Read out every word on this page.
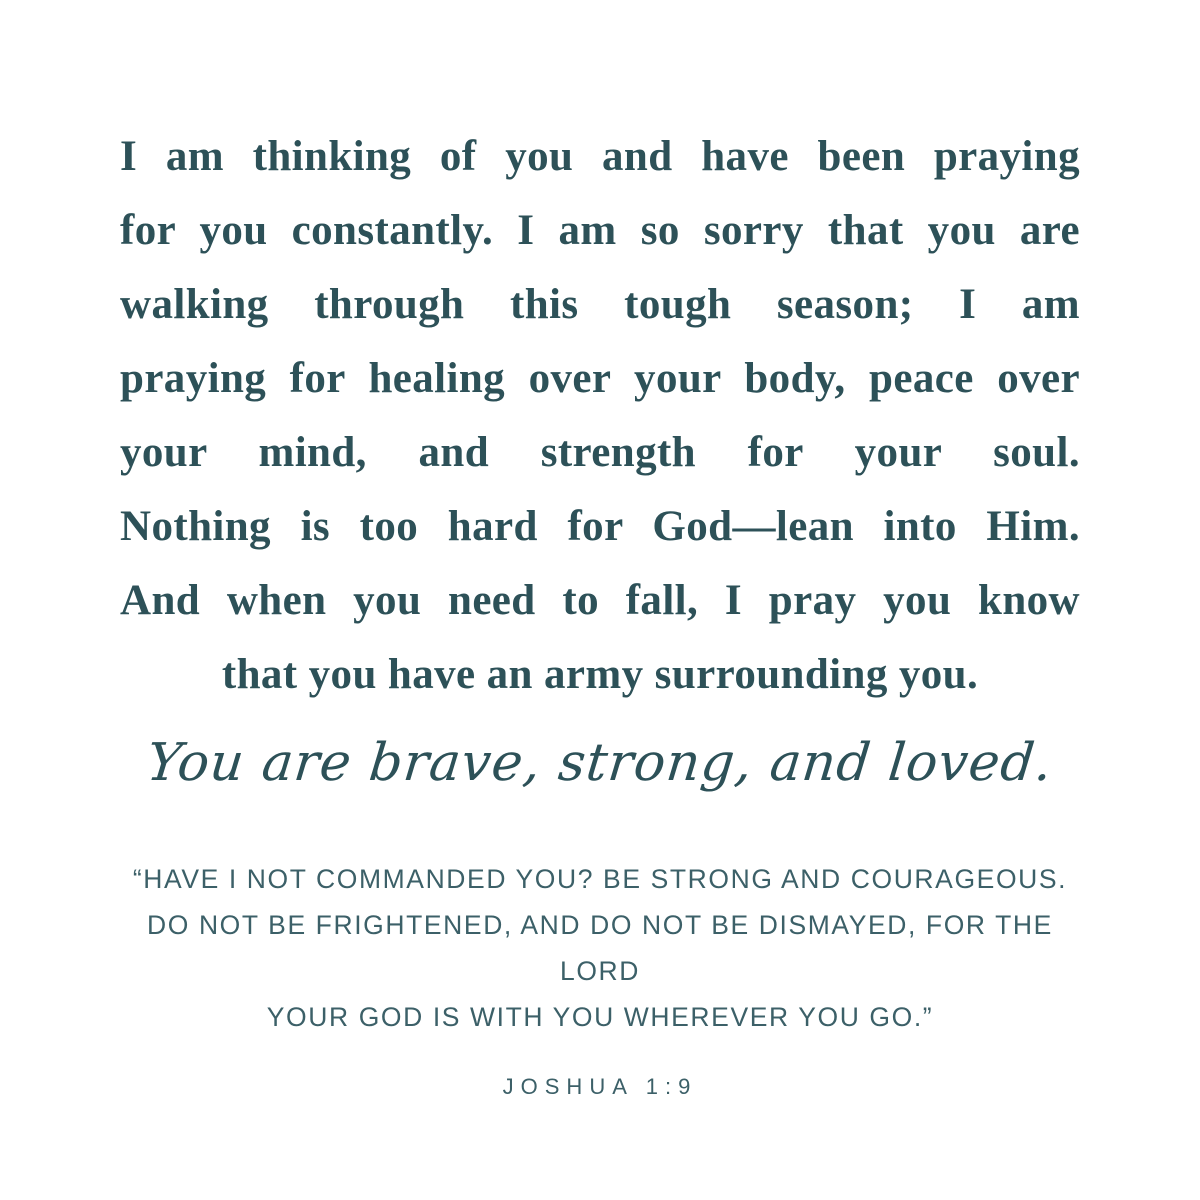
I am thinking of you and have been praying
for you constantly. I am so sorry that you are
walking through this tough season; I am
praying for healing over your body, peace over
your mind, and strength for your soul.
Nothing is too hard for God—lean into Him.
And when you need to fall, I pray you know
that you have an army surrounding you.
You are brave, strong, and loved.
“HAVE I NOT COMMANDED YOU? BE STRONG AND COURAGEOUS.
DO NOT BE FRIGHTENED, AND DO NOT BE DISMAYED, FOR THE LORD
YOUR GOD IS WITH YOU WHEREVER YOU GO.”
JOSHUA 1:9
